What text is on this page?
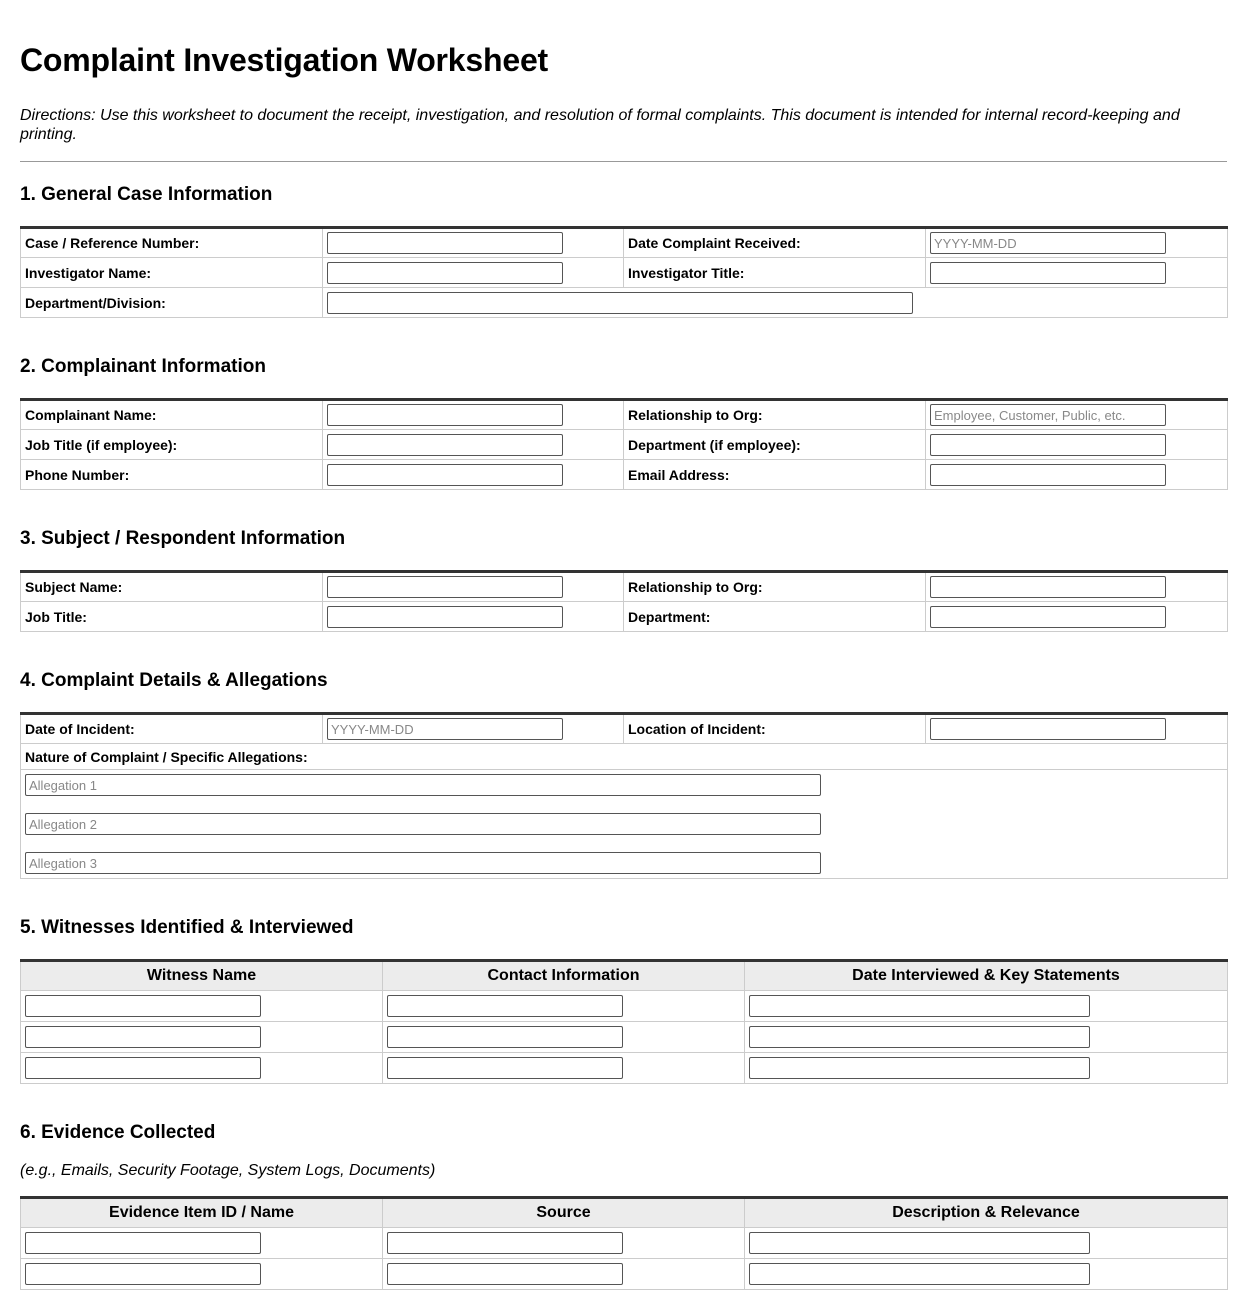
Complaint Investigation Worksheet
Directions: Use this worksheet to document the receipt, investigation, and resolution of formal complaints. This document is intended for internal record-keeping and printing.
1. General Case Information
Case / Reference Number:		Date Complaint Received:	YYYY-MM-DD
Investigator Name:		Investigator Title:	
Department/Division:	
2. Complainant Information
Complainant Name:		Relationship to Org:	Employee, Customer, Public, etc.
Job Title (if employee):		Department (if employee):	
Phone Number:		Email Address:	
3. Subject / Respondent Information
Subject Name:		Relationship to Org:	
Job Title:		Department:	
4. Complaint Details & Allegations
Date of Incident:	YYYY-MM-DD	Location of Incident:	
Nature of Complaint / Specific Allegations:

Allegation 1
Allegation 2
Allegation 3
5. Witnesses Identified & Interviewed
Witness Name	Contact Information	Date Interviewed & Key Statements

6. Evidence Collected
(e.g., Emails, Security Footage, System Logs, Documents)
Evidence Item ID / Name	Source	Description & Relevance
